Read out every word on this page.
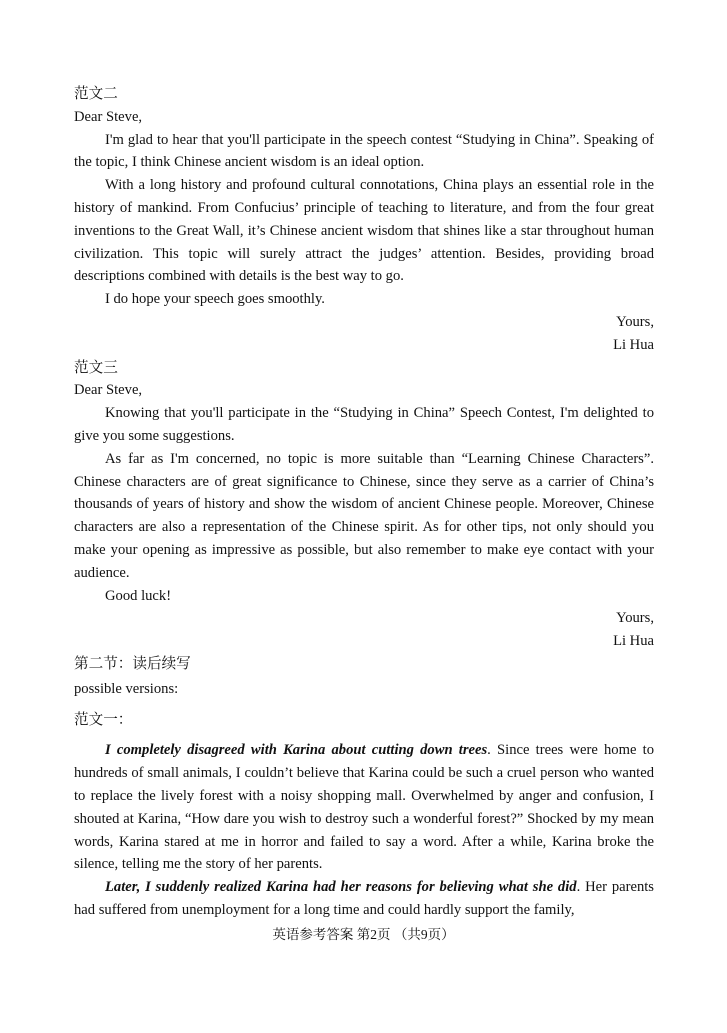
范文二

Dear Steve,

I'm glad to hear that you'll participate in the speech contest “Studying in China”. Speaking of the topic, I think Chinese ancient wisdom is an ideal option.

With a long history and profound cultural connotations, China plays an essential role in the history of mankind. From Confucius’ principle of teaching to literature, and from the four great inventions to the Great Wall, it’s Chinese ancient wisdom that shines like a star throughout human civilization. This topic will surely attract the judges’ attention. Besides, providing broad descriptions combined with details is the best way to go.

I do hope your speech goes smoothly.

Yours,

Li Hua

范文三

Dear Steve,

Knowing that you'll participate in the “Studying in China” Speech Contest, I'm delighted to give you some suggestions.

As far as I'm concerned, no topic is more suitable than “Learning Chinese Characters”. Chinese characters are of great significance to Chinese, since they serve as a carrier of China’s thousands of years of history and show the wisdom of ancient Chinese people. Moreover, Chinese characters are also a representation of the Chinese spirit. As for other tips, not only should you make your opening as impressive as possible, but also remember to make eye contact with your audience.

Good luck!

Yours,

Li Hua

第二节：读后续写

possible versions:

范文一：

I completely disagreed with Karina about cutting down trees. Since trees were home to hundreds of small animals, I couldn’t believe that Karina could be such a cruel person who wanted to replace the lively forest with a noisy shopping mall. Overwhelmed by anger and confusion, I shouted at Karina, “How dare you wish to destroy such a wonderful forest?” Shocked by my mean words, Karina stared at me in horror and failed to say a word. After a while, Karina broke the silence, telling me the story of her parents.

Later, I suddenly realized Karina had her reasons for believing what she did. Her parents had suffered from unemployment for a long time and could hardly support the family,

英语参考答案 第2页 （共9页）
